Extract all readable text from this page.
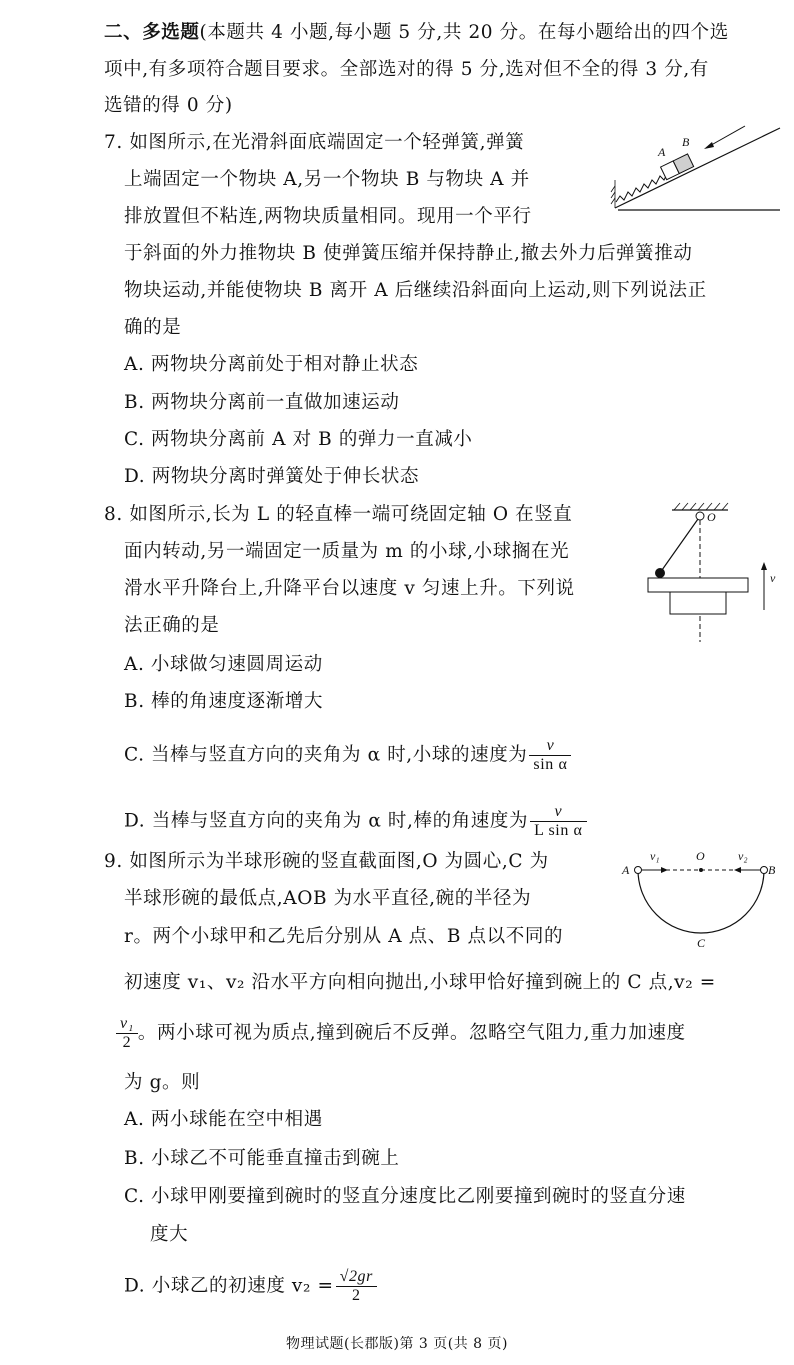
二、多选题(本题共 4 小题,每小题 5 分,共 20 分。在每小题给出的四个选
项中,有多项符合题目要求。全部选对的得 5 分,选对但不全的得 3 分,有
选错的得 0 分)
7. 如图所示,在光滑斜面底端固定一个轻弹簧,弹簧
上端固定一个物块 A,另一个物块 B 与物块 A 并
排放置但不粘连,两物块质量相同。现用一个平行
于斜面的外力推物块 B 使弹簧压缩并保持静止,撤去外力后弹簧推动
物块运动,并能使物块 B 离开 A 后继续沿斜面向上运动,则下列说法正
确的是
A. 两物块分离前处于相对静止状态
B. 两物块分离前一直做加速运动
C. 两物块分离前 A 对 B 的弹力一直减小
D. 两物块分离时弹簧处于伸长状态
A
B
8. 如图所示,长为 L 的轻直棒一端可绕固定轴 O 在竖直
面内转动,另一端固定一质量为 m 的小球,小球搁在光
滑水平升降台上,升降平台以速度 v 匀速上升。下列说
法正确的是
A. 小球做匀速圆周运动
B. 棒的角速度逐渐增大
C. 当棒与竖直方向的夹角为 α 时,小球的速度为 $\frac{v}{\text{sin α}}$
D. 当棒与竖直方向的夹角为 α 时,棒的角速度为 $\frac{v}{\text{L sin α}}$
O
v
9. 如图所示为半球形碗的竖直截面图,O 为圆心,C 为
半球形碗的最低点,AOB 为水平直径,碗的半径为
r。两个小球甲和乙先后分别从 A 点、B 点以不同的
初速度 v₁、v₂ 沿水平方向相向抛出,小球甲恰好撞到碗上的 C 点,v₂ =
$\frac{\text{v₁}}{2}$ 。两小球可视为质点,撞到碗后不反弹。忽略空气阻力,重力加速度
为 g。则
A. 两小球能在空中相遇
B. 小球乙不可能垂直撞击到碗上
C. 小球甲刚要撞到碗时的竖直分速度比乙刚要撞到碗时的竖直分速
度大
D. 小球乙的初速度 $v_2 = \frac{√2gr}{2}$
v₁	O	v₂
A	B
C
物理试题(长郡版)第 3 页(共 8 页)
